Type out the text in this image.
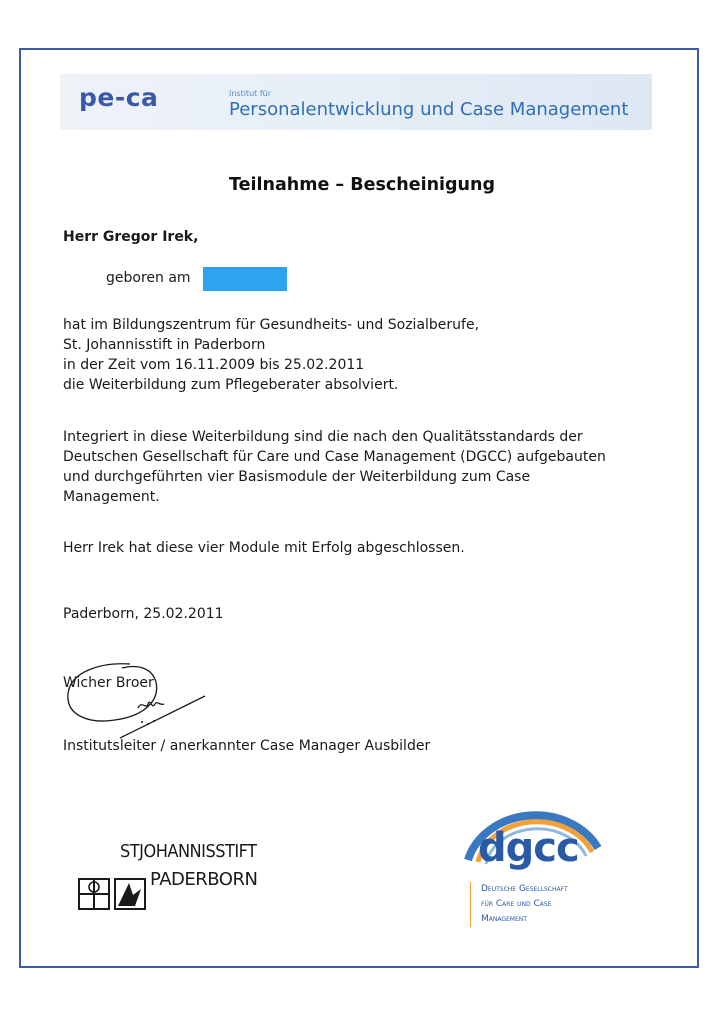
pe-ca	Institut für
Personalentwicklung und Case Management
Teilnahme – Bescheinigung
Herr Gregor Irek,
geboren am
hat im Bildungszentrum für Gesundheits- und Sozialberufe,
St. Johannisstift in Paderborn
in der Zeit vom 16.11.2009 bis 25.02.2011
die Weiterbildung zum Pflegeberater absolviert.
Integriert in diese Weiterbildung sind die nach den Qualitätsstandards der
Deutschen Gesellschaft für Care und Case Management (DGCC) aufgebauten
und durchgeführten vier Basismodule der Weiterbildung zum Case
Management.
Herr Irek hat diese vier Module mit Erfolg abgeschlossen.
Paderborn, 25.02.2011
Wicher Broer
Institutsleiter / anerkannter Case Manager Ausbilder
STJOHANNISSTIFT
PADERBORN
dgcc
Deutsche Gesellschaft
für Care und Case
Management
